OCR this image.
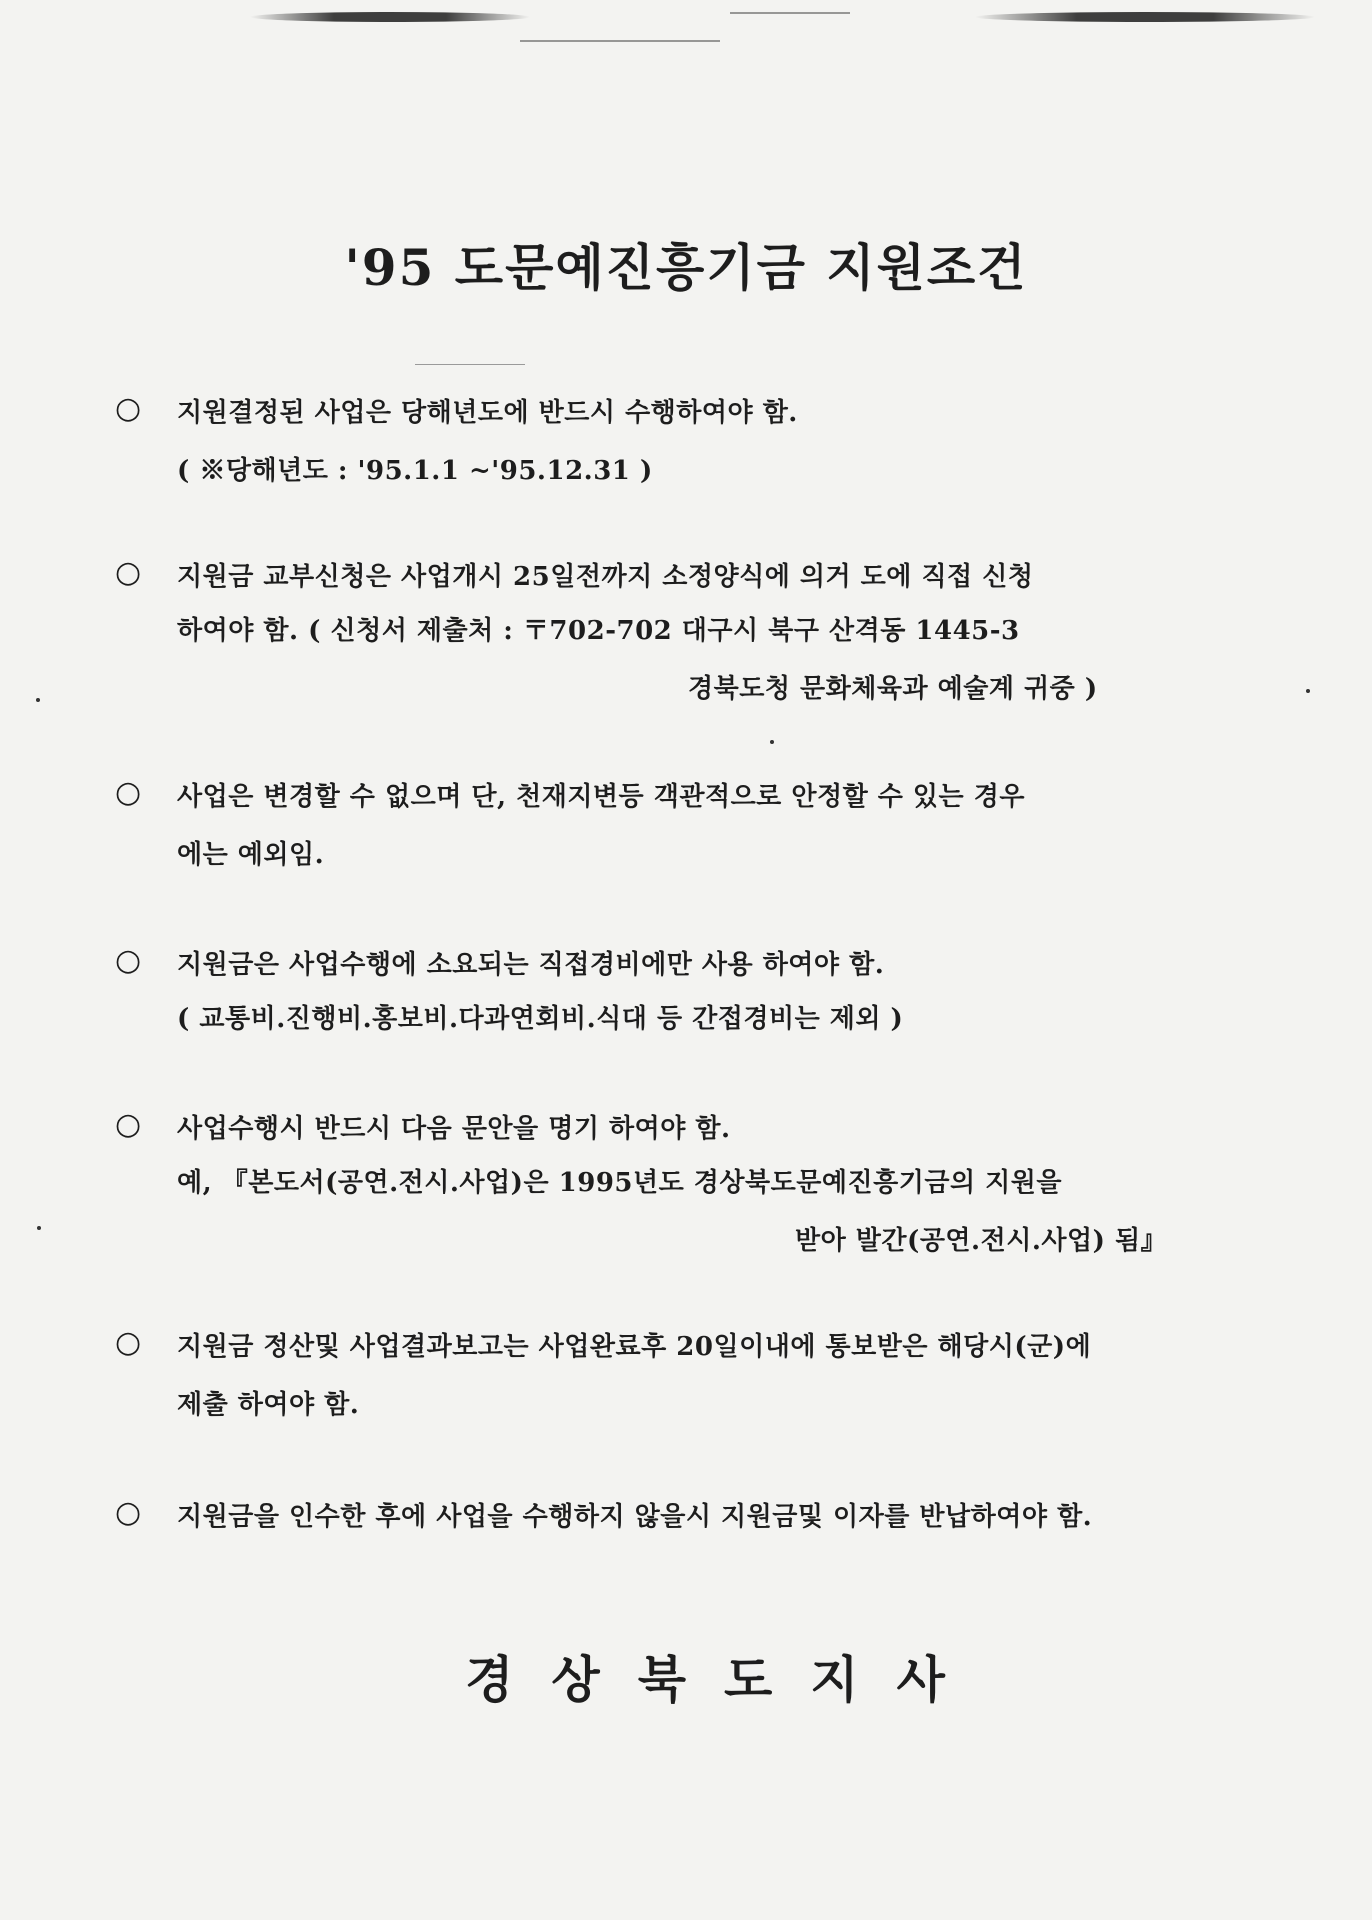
'95 도문예진흥기금 지원조건
○ 지원결정된 사업은 당해년도에 반드시 수행하여야 함.
( ※당해년도 : '95.1.1 ~'95.12.31 )
○ 지원금 교부신청은 사업개시 25일전까지 소정양식에 의거 도에 직접 신청
하여야 함. ( 신청서 제출처 : 〒702-702 대구시 북구 산격동 1445-3
경북도청 문화체육과 예술계 귀중 )
○ 사업은 변경할 수 없으며 단, 천재지변등 객관적으로 안정할 수 있는 경우
에는 예외임.
○ 지원금은 사업수행에 소요되는 직접경비에만 사용 하여야 함.
( 교통비.진행비.홍보비.다과연회비.식대 등 간접경비는 제외 )
○ 사업수행시 반드시 다음 문안을 명기 하여야 함.
예, 『본도서(공연.전시.사업)은 1995년도 경상북도문예진흥기금의 지원을
받아 발간(공연.전시.사업) 됨』
○ 지원금 정산및 사업결과보고는 사업완료후 20일이내에 통보받은 해당시(군)에
제출 하여야 함.
○ 지원금을 인수한 후에 사업을 수행하지 않을시 지원금및 이자를 반납하여야 함.
경상북도지사
